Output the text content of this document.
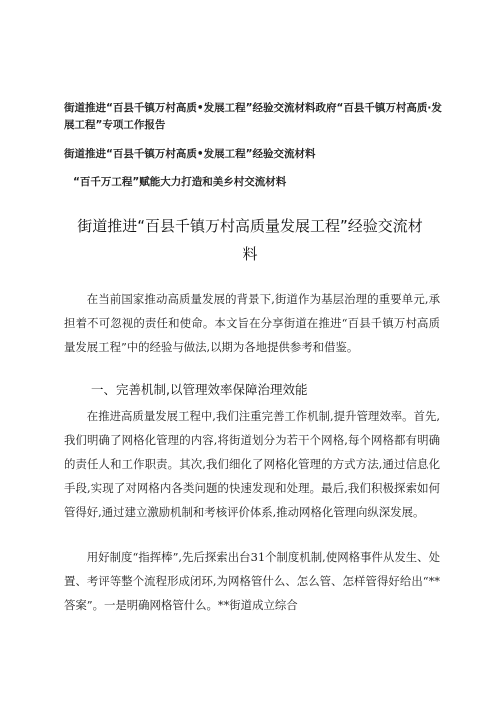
街道推进“百县千镇万村高质•发展工程”经验交流材料政府“百县千镇万村高质·发展工程”专项工作报告
街道推进“百县千镇万村高质•发展工程”经验交流材料
“百千万工程”赋能大力打造和美乡村交流材料
街道推进“百县千镇万村高质量发展工程”经验交流材料
在当前国家推动高质量发展的背景下,街道作为基层治理的重要单元,承担着不可忽视的责任和使命。本文旨在分享街道在推进“百县千镇万村高质量发展工程”中的经验与做法,以期为各地提供参考和借鉴。
一、完善机制,以管理效率保障治理效能
在推进高质量发展工程中,我们注重完善工作机制,提升管理效率。首先,我们明确了网格化管理的内容,将街道划分为若干个网格,每个网格都有明确的责任人和工作职责。其次,我们细化了网格化管理的方式方法,通过信息化手段,实现了对网格内各类问题的快速发现和处理。最后,我们积极探索如何管得好,通过建立激励机制和考核评价体系,推动网格化管理向纵深发展。
用好制度“指挥棒”,先后探索出台31个制度机制,使网格事件从发生、处置、考评等整个流程形成闭环,为网格管什么、怎么管、怎样管得好给出“**答案”。一是明确网格管什么。**街道成立综合
